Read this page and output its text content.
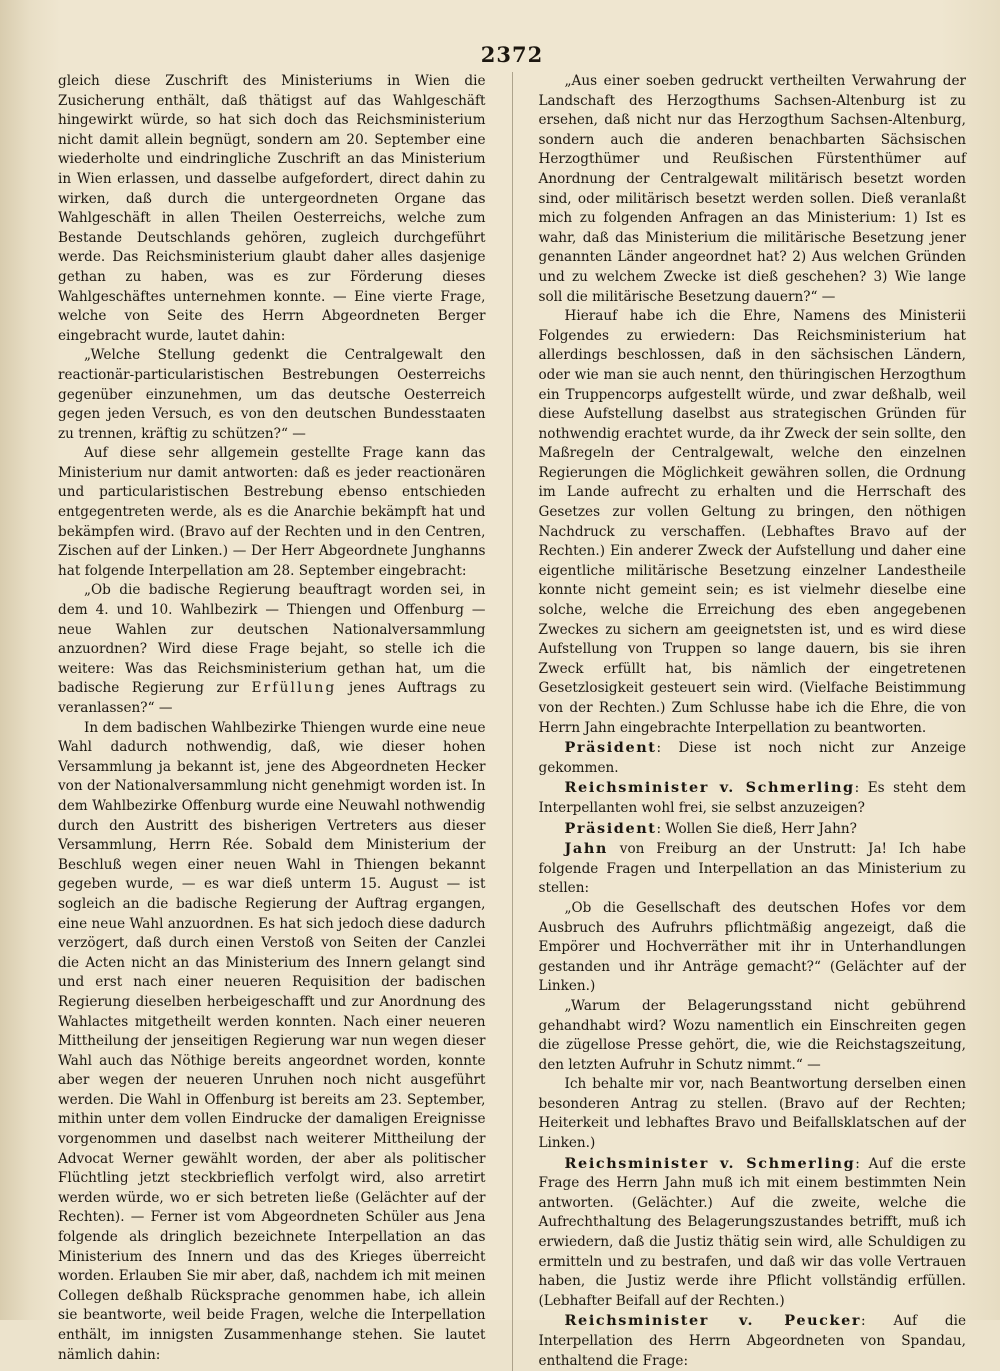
2372

gleich diese Zuschrift des Ministeriums in Wien die Zusicherung enthält, daß thätigst auf das Wahlgeschäft hingewirkt würde, so hat sich doch das Reichsministerium nicht damit allein begnügt, sondern am 20. September eine wiederholte und eindringliche Zuschrift an das Ministerium in Wien erlassen, und dasselbe aufgefordert, direct dahin zu wirken, daß durch die untergeordneten Organe das Wahlgeschäft in allen Theilen Oesterreichs, welche zum Bestande Deutschlands gehören, zugleich durchgeführt werde. Das Reichsministerium glaubt daher alles dasjenige gethan zu haben, was es zur Förderung dieses Wahlgeschäftes unternehmen konnte. — Eine vierte Frage, welche von Seite des Herrn Abgeordneten Berger eingebracht wurde, lautet dahin:

„Welche Stellung gedenkt die Centralgewalt den reactionär-particularistischen Bestrebungen Oesterreichs gegenüber einzunehmen, um das deutsche Oesterreich gegen jeden Versuch, es von den deutschen Bundesstaaten zu trennen, kräftig zu schützen?“ —

Auf diese sehr allgemein gestellte Frage kann das Ministerium nur damit antworten: daß es jeder reactionären und particularistischen Bestrebung ebenso entschieden entgegentreten werde, als es die Anarchie bekämpft hat und bekämpfen wird. (Bravo auf der Rechten und in den Centren, Zischen auf der Linken.) — Der Herr Abgeordnete Junghanns hat folgende Interpellation am 28. September eingebracht:

„Ob die badische Regierung beauftragt worden sei, in dem 4. und 10. Wahlbezirk — Thiengen und Offenburg — neue Wahlen zur deutschen Nationalversammlung anzuordnen? Wird diese Frage bejaht, so stelle ich die weitere: Was das Reichsministerium gethan hat, um die badische Regierung zur Erfüllung jenes Auftrags zu veranlassen?“ —

In dem badischen Wahlbezirke Thiengen wurde eine neue Wahl dadurch nothwendig, daß, wie dieser hohen Versammlung ja bekannt ist, jene des Abgeordneten Hecker von der Nationalversammlung nicht genehmigt worden ist. In dem Wahlbezirke Offenburg wurde eine Neuwahl nothwendig durch den Austritt des bisherigen Vertreters aus dieser Versammlung, Herrn Rée. Sobald dem Ministerium der Beschluß wegen einer neuen Wahl in Thiengen bekannt gegeben wurde, — es war dieß unterm 15. August — ist sogleich an die badische Regierung der Auftrag ergangen, eine neue Wahl anzuordnen. Es hat sich jedoch diese dadurch verzögert, daß durch einen Verstoß von Seiten der Canzlei die Acten nicht an das Ministerium des Innern gelangt sind und erst nach einer neueren Requisition der badischen Regierung dieselben herbeigeschafft und zur Anordnung des Wahlactes mitgetheilt werden konnten. Nach einer neueren Mittheilung der jenseitigen Regierung war nun wegen dieser Wahl auch das Nöthige bereits angeordnet worden, konnte aber wegen der neueren Unruhen noch nicht ausgeführt werden. Die Wahl in Offenburg ist bereits am 23. September, mithin unter dem vollen Eindrucke der damaligen Ereignisse vorgenommen und daselbst nach weiterer Mittheilung der Advocat Werner gewählt worden, der aber als politischer Flüchtling jetzt steckbrieflich verfolgt wird, also arretirt werden würde, wo er sich betreten ließe (Gelächter auf der Rechten). — Ferner ist vom Abgeordneten Schüler aus Jena folgende als dringlich bezeichnete Interpellation an das Ministerium des Innern und das des Krieges überreicht worden. Erlauben Sie mir aber, daß, nachdem ich mit meinen Collegen deßhalb Rücksprache genommen habe, ich allein sie beantworte, weil beide Fragen, welche die Interpellation enthält, im innigsten Zusammenhange stehen. Sie lautet nämlich dahin:

„Aus einer soeben gedruckt vertheilten Verwahrung der Landschaft des Herzogthums Sachsen-Altenburg ist zu ersehen, daß nicht nur das Herzogthum Sachsen-Altenburg, sondern auch die anderen benachbarten Sächsischen Herzogthümer und Reußischen Fürstenthümer auf Anordnung der Centralgewalt militärisch besetzt worden sind, oder militärisch besetzt werden sollen. Dieß veranlaßt mich zu folgenden Anfragen an das Ministerium: 1) Ist es wahr, daß das Ministerium die militärische Besetzung jener genannten Länder angeordnet hat? 2) Aus welchen Gründen und zu welchem Zwecke ist dieß geschehen? 3) Wie lange soll die militärische Besetzung dauern?“ —

Hierauf habe ich die Ehre, Namens des Ministerii Folgendes zu erwiedern: Das Reichsministerium hat allerdings beschlossen, daß in den sächsischen Ländern, oder wie man sie auch nennt, den thüringischen Herzogthum ein Truppencorps aufgestellt würde, und zwar deßhalb, weil diese Aufstellung daselbst aus strategischen Gründen für nothwendig erachtet wurde, da ihr Zweck der sein sollte, den Maßregeln der Centralgewalt, welche den einzelnen Regierungen die Möglichkeit gewähren sollen, die Ordnung im Lande aufrecht zu erhalten und die Herrschaft des Gesetzes zur vollen Geltung zu bringen, den nöthigen Nachdruck zu verschaffen. (Lebhaftes Bravo auf der Rechten.) Ein anderer Zweck der Aufstellung und daher eine eigentliche militärische Besetzung einzelner Landestheile konnte nicht gemeint sein; es ist vielmehr dieselbe eine solche, welche die Erreichung des eben angegebenen Zweckes zu sichern am geeignetsten ist, und es wird diese Aufstellung von Truppen so lange dauern, bis sie ihren Zweck erfüllt hat, bis nämlich der eingetretenen Gesetzlosigkeit gesteuert sein wird. (Vielfache Beistimmung von der Rechten.) Zum Schlusse habe ich die Ehre, die von Herrn Jahn eingebrachte Interpellation zu beantworten.

Präsident: Diese ist noch nicht zur Anzeige gekommen.

Reichsminister v. Schmerling: Es steht dem Interpellanten wohl frei, sie selbst anzuzeigen?

Präsident: Wollen Sie dieß, Herr Jahn?

Jahn von Freiburg an der Unstrutt: Ja! Ich habe folgende Fragen und Interpellation an das Ministerium zu stellen:

„Ob die Gesellschaft des deutschen Hofes vor dem Ausbruch des Aufruhrs pflichtmäßig angezeigt, daß die Empörer und Hochverräther mit ihr in Unterhandlungen gestanden und ihr Anträge gemacht?“ (Gelächter auf der Linken.)

„Warum der Belagerungsstand nicht gebührend gehandhabt wird? Wozu namentlich ein Einschreiten gegen die zügellose Presse gehört, die, wie die Reichstagszeitung, den letzten Aufruhr in Schutz nimmt.“ —

Ich behalte mir vor, nach Beantwortung derselben einen besonderen Antrag zu stellen. (Bravo auf der Rechten; Heiterkeit und lebhaftes Bravo und Beifallsklatschen auf der Linken.)

Reichsminister v. Schmerling: Auf die erste Frage des Herrn Jahn muß ich mit einem bestimmten Nein antworten. (Gelächter.) Auf die zweite, welche die Aufrechthaltung des Belagerungszustandes betrifft, muß ich erwiedern, daß die Justiz thätig sein wird, alle Schuldigen zu ermitteln und zu bestrafen, und daß wir das volle Vertrauen haben, die Justiz werde ihre Pflicht vollständig erfüllen. (Lebhafter Beifall auf der Rechten.)

Reichsminister v. Peucker: Auf die Interpellation des Herrn Abgeordneten von Spandau, enthaltend die Frage:
